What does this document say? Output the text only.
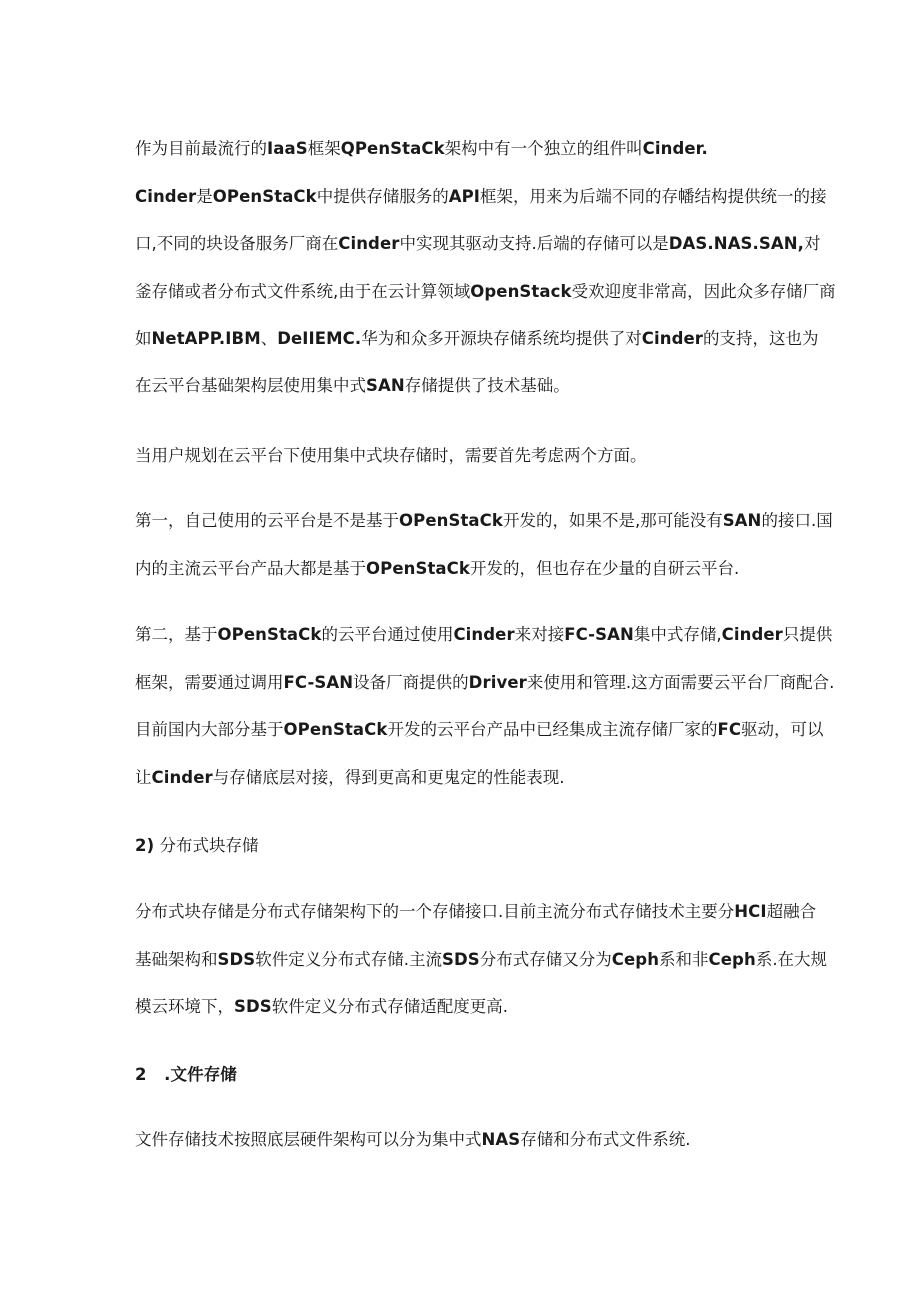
作为目前最流行的IaaS框架QPenStaCk架构中有一个独立的组件叫Cinder.
Cinder是OPenStaCk中提供存储服务的API框架，用来为后端不同的存幡结构提供统一的接
口,不同的块设备服务厂商在Cinder中实现其驱动支持.后端的存储可以是DAS.NAS.SAN,对
釜存储或者分布式文件系统,由于在云计算领域OpenStack受欢迎度非常高，因此众多存储厂商
如NetAPP.IBM、DeIIEMC.华为和众多开源块存储系统均提供了对Cinder的支持，这也为
在云平台基础架构层使用集中式SAN存储提供了技术基础。
当用户规划在云平台下使用集中式块存储时，需要首先考虑两个方面。
第一，自己使用的云平台是不是基于OPenStaCk开发的，如果不是,那可能没有SAN的接口.国
内的主流云平台产品大都是基于OPenStaCk开发的，但也存在少量的自研云平台.
第二，基于OPenStaCk的云平台通过使用Cinder来对接FC-SAN集中式存储,Cinder只提供
框架，需要通过调用FC-SAN设备厂商提供的Driver来使用和管理.这方面需要云平台厂商配合.
目前国内大部分基于OPenStaCk开发的云平台产品中已经集成主流存储厂家的FC驱动，可以
让Cinder与存储底层对接，得到更高和更鬼定的性能表现.
2) 分布式块存储
分布式块存储是分布式存储架构下的一个存储接口.目前主流分布式存储技术主要分HCI超融合
基础架构和SDS软件定义分布式存储.主流SDS分布式存储又分为Ceph系和非Ceph系.在大规
模云环境下，SDS软件定义分布式存储适配度更高.
2   .文件存储
文件存储技术按照底层硬件架构可以分为集中式NAS存储和分布式文件系统.
